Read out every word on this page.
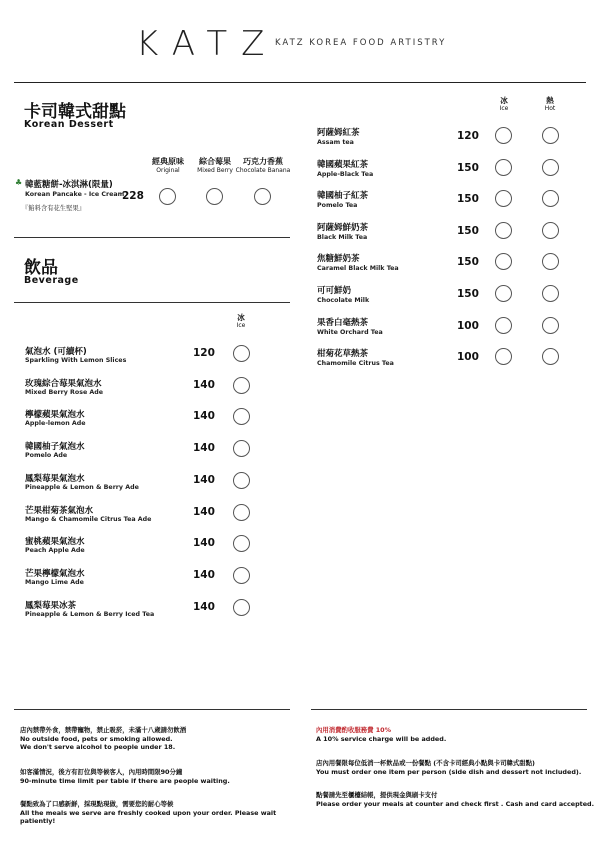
KATZ
KATZ KOREA FOOD ARTISTRY
卡司韓式甜點
Korean Dessert
經典原味
Original
綜合莓果
Mixed Berry
巧克力香蕉
Chocolate Banana
♣ 韓藍糖餅-冰淇淋(限量)
Korean Pancake - Ice Cream
『餡料含有花生堅果』
228
飲品
Beverage
冰
Ice
氣泡水 (可續杯)
Sparkling With Lemon Slices
120
玫瑰綜合莓果氣泡水
Mixed Berry Rose Ade
140
檸檬蘋果氣泡水
Apple-lemon Ade
140
韓國柚子氣泡水
Pomelo Ade
140
鳳梨莓果氣泡水
Pineapple & Lemon & Berry Ade
140
芒果柑菊茶氣泡水
Mango & Chamomile Citrus Tea Ade
140
蜜桃蘋果氣泡水
Peach Apple Ade
140
芒果檸檬氣泡水
Mango Lime Ade
140
鳳梨莓果冰茶
Pineapple & Lemon & Berry Iced Tea
140
冰
Ice
熱
Hot
阿薩姆紅茶
Assam tea
120
韓國蘋果紅茶
Apple-Black Tea
150
韓國柚子紅茶
Pomelo Tea
150
阿薩姆鮮奶茶
Black Milk Tea
150
焦糖鮮奶茶
Caramel Black Milk Tea
150
可可鮮奶
Chocolate Milk
150
果香白毫熱茶
White Orchard Tea
100
柑菊花草熱茶
Chamomile Citrus Tea
100
店內禁帶外食，禁帶寵物，禁止吸菸，未滿十八歲請勿飲酒
No outside food, pets or smoking allowed.
We don't serve alcohol to people under 18.
如客滿情況，後方有訂位與等候客人，內用時間限90分鐘
90-minute time limit per table if there are people waiting.
餐點致為了口感新鮮，採現點現做，需要您的耐心等候
All the meals we serve are freshly cooked upon your order. Please wait patiently!
內用消費酌收服務費 10%
A 10% service charge will be added.
店內用餐限每位低消一杯飲品或一份餐點 (不含卡司經典小點與卡司韓式甜點)
You must order one item per person (side dish and dessert not included).
點餐請先至櫃檯結帳，提供現金與刷卡支付
Please order your meals at counter and check first . Cash and card accepted.
